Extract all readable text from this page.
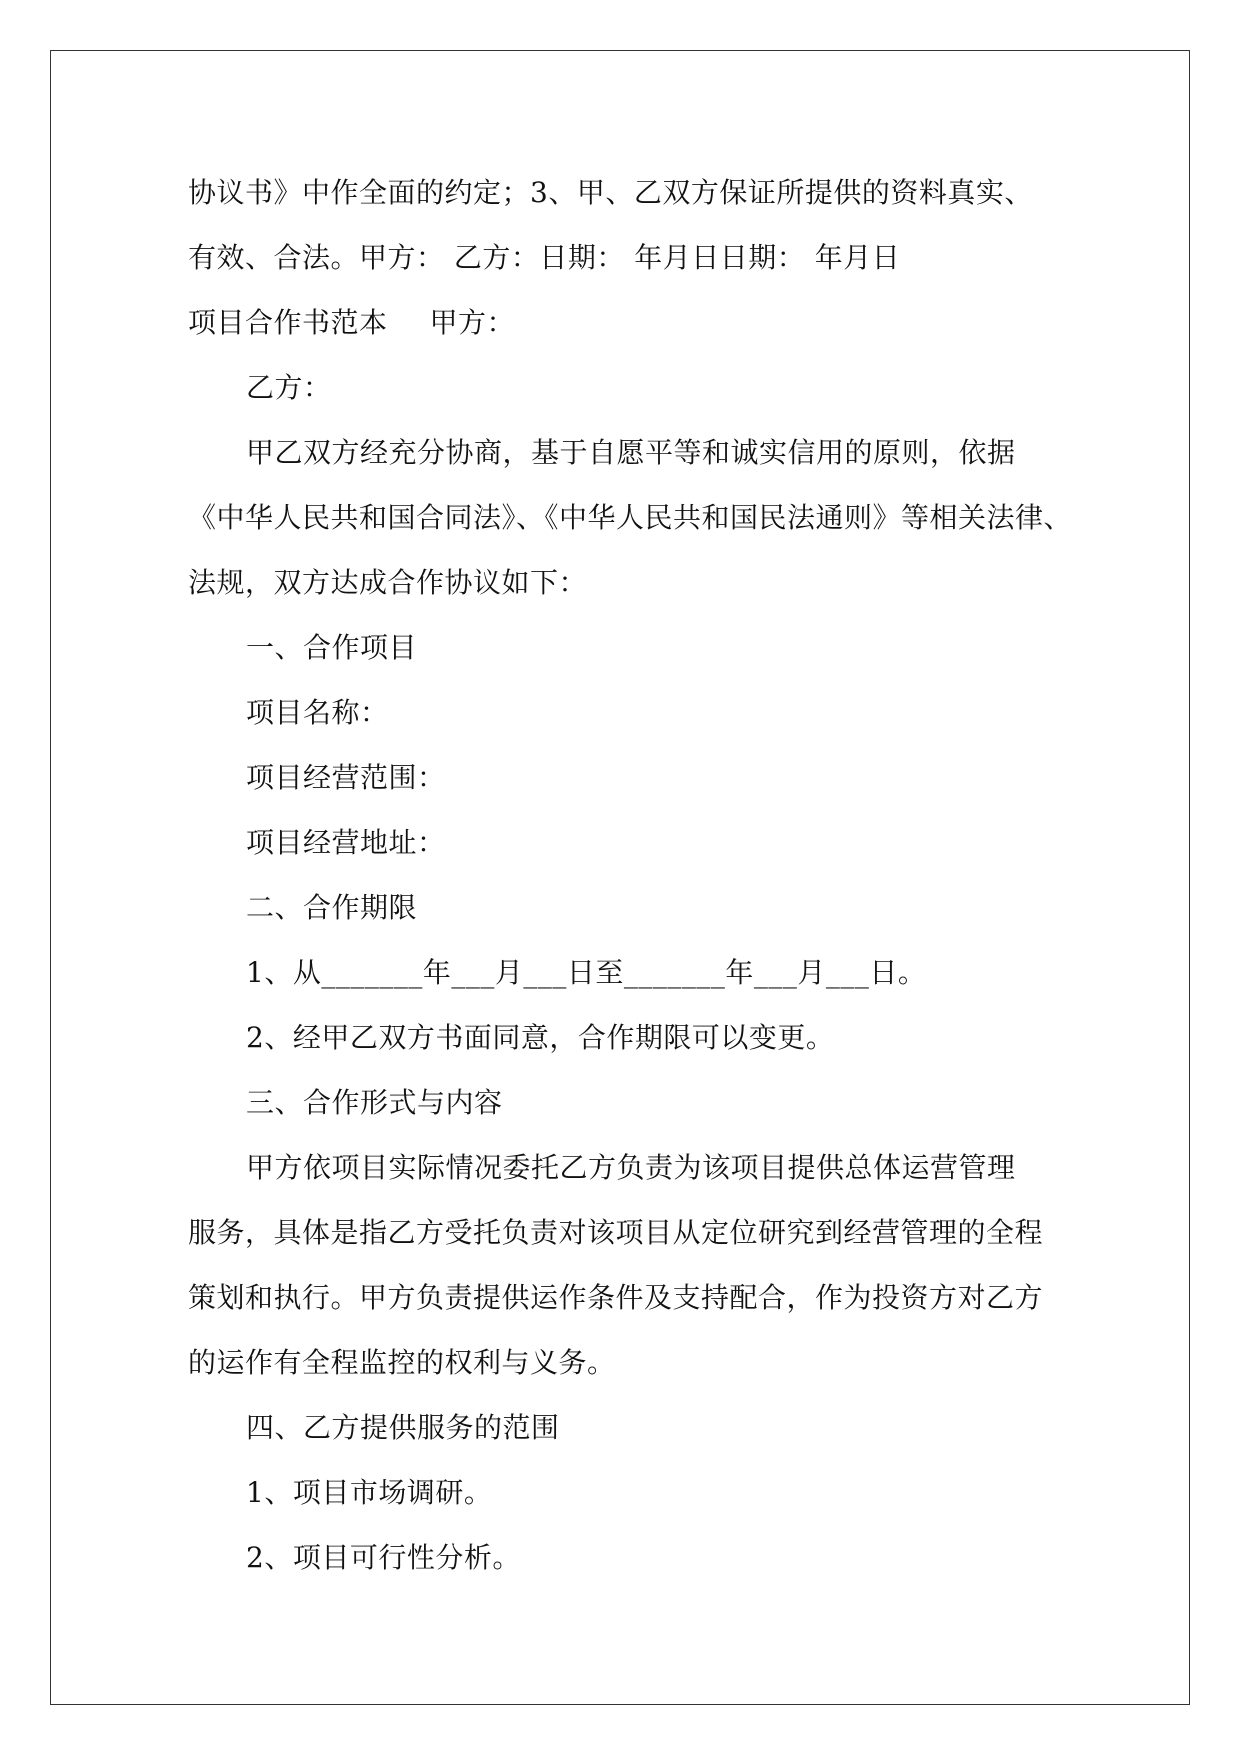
协议书》中作全面的约定；3、甲、乙双方保证所提供的资料真实、
有效、合法。甲方： 乙方：日期： 年月日日期： 年月日
项目合作书范本 甲方：
乙方：
甲乙双方经充分协商，基于自愿平等和诚实信用的原则，依据
《中华人民共和国合同法》、《中华人民共和国民法通则》等相关法律、
法规，双方达成合作协议如下：
一、合作项目
项目名称：
项目经营范围：
项目经营地址：
二、合作期限
1、从_______年___月___日至_______年___月___日。
2、经甲乙双方书面同意，合作期限可以变更。
三、合作形式与内容
甲方依项目实际情况委托乙方负责为该项目提供总体运营管理
服务，具体是指乙方受托负责对该项目从定位研究到经营管理的全程
策划和执行。甲方负责提供运作条件及支持配合，作为投资方对乙方
的运作有全程监控的权利与义务。
四、乙方提供服务的范围
1、项目市场调研。
2、项目可行性分析。
